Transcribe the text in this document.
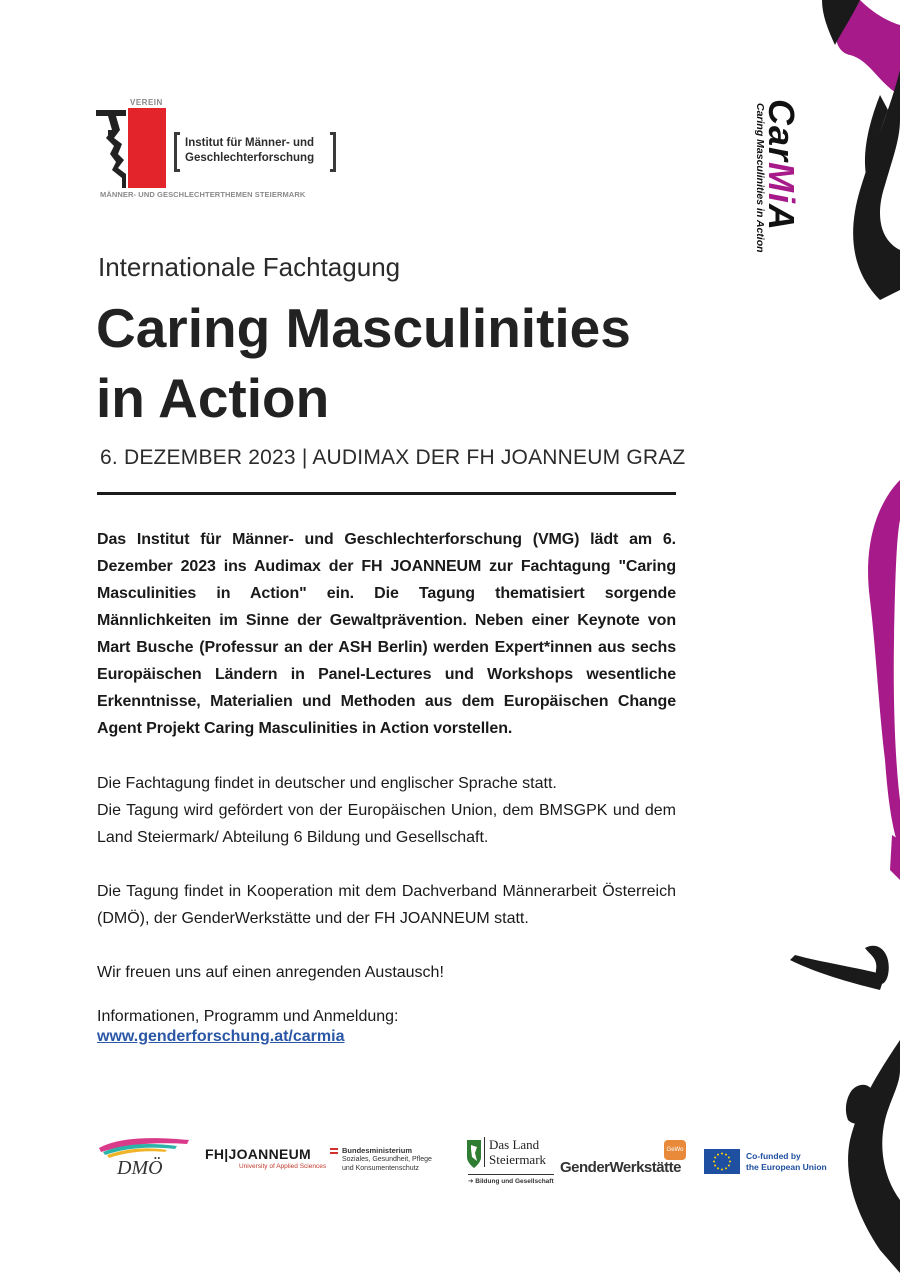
VEREIN
Institut für Männer- und
Geschlechterforschung
MÄNNER- UND GESCHLECHTERTHEMEN STEIERMARK
CarMiA
Caring Masculinities in Action
Internationale Fachtagung
Caring Masculinities
in Action
6. DEZEMBER 2023 | AUDIMAX DER FH JOANNEUM GRAZ
Das Institut für Männer- und Geschlechterforschung (VMG) lädt am 6. Dezember 2023 ins Audimax der FH JOANNEUM zur Fachtagung "Caring Masculinities in Action" ein. Die Tagung thematisiert sorgende Männlichkeiten im Sinne der Gewaltprävention. Neben einer Keynote von Mart Busche (Professur an der ASH Berlin) werden Expert*innen aus sechs Europäischen Ländern in Panel-Lectures und Workshops wesentliche Erkenntnisse, Materialien und Methoden aus dem Europäischen Change Agent Projekt Caring Masculinities in Action vorstellen.
Die Fachtagung findet in deutscher und englischer Sprache statt.
Die Tagung wird gefördert von der Europäischen Union, dem BMSGPK und dem Land Steiermark/ Abteilung 6 Bildung und Gesellschaft.
Die Tagung findet in Kooperation mit dem Dachverband Männerarbeit Österreich (DMÖ), der GenderWerkstätte und der FH JOANNEUM statt.
Wir freuen uns auf einen anregenden Austausch!
Informationen, Programm und Anmeldung:
www.genderforschung.at/carmia
DMÖ
FH|JOANNEUM
University of Applied Sciences
Bundesministerium
Soziales, Gesundheit, Pflege
und Konsumentenschutz
Das Land
Steiermark
➔ Bildung und Gesellschaft
GeWo
GenderWerkstätte
Co-funded by
the European Union
